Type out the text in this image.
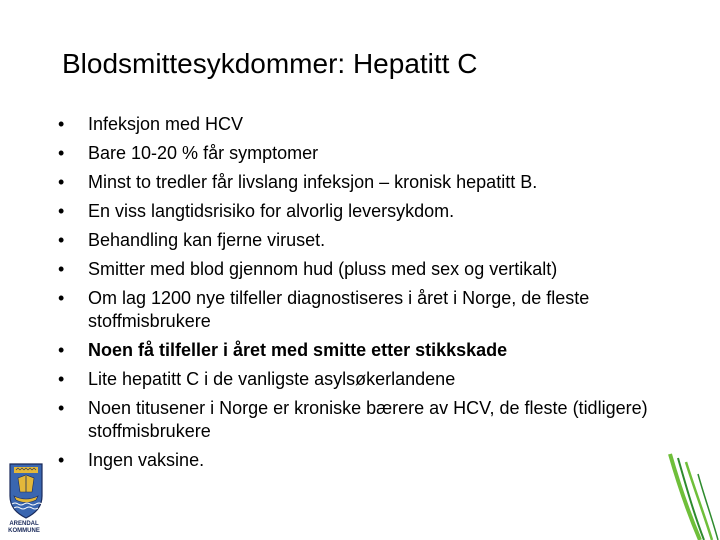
Blodsmittesykdommer: Hepatitt C
• Infeksjon med HCV
• Bare 10-20 % får symptomer
• Minst to tredler får livslang infeksjon – kronisk hepatitt B.
• En viss langtidsrisiko for alvorlig leversykdom.
• Behandling kan fjerne viruset.
• Smitter med blod gjennom hud (pluss med sex og vertikalt)
• Om lag 1200 nye tilfeller diagnostiseres i året i Norge, de fleste stoffmisbrukere
• Noen få tilfeller i året med smitte etter stikkskade
• Lite hepatitt C i de vanligste asylsøkerlandene
• Noen titusener i Norge er kroniske bærere av HCV, de fleste (tidligere) stoffmisbrukere
• Ingen vaksine.
ARENDAL
KOMMUNE
